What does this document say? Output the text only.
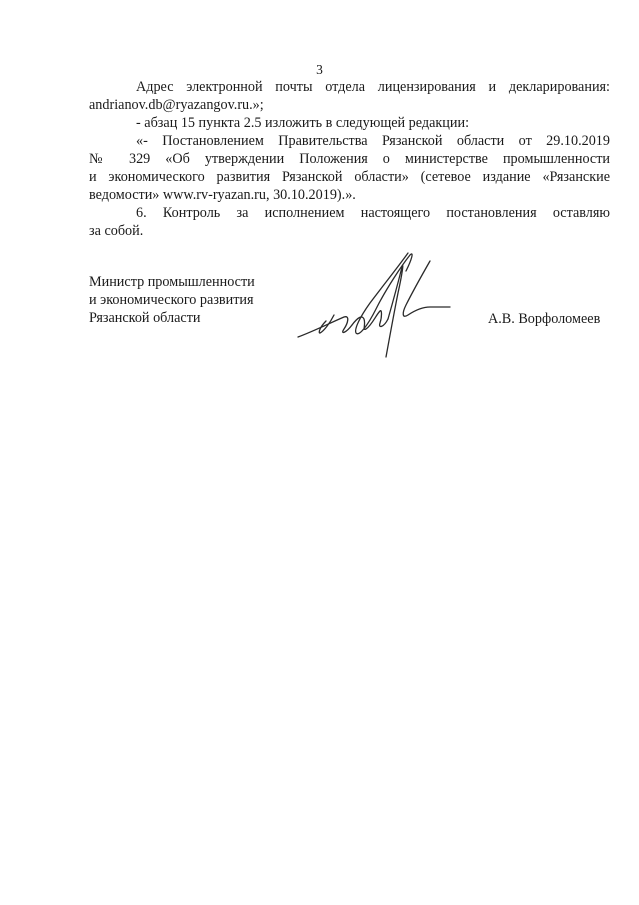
3
Адрес электронной почты отдела лицензирования и декларирования:
andrianov.db@ryazangov.ru.»;
- абзац 15 пункта 2.5 изложить в следующей редакции:
«- Постановлением Правительства Рязанской области от 29.10.2019
№ 329 «Об утверждении Положения о министерстве промышленности
и экономического развития Рязанской области» (сетевое издание «Рязанские
ведомости» www.rv-ryazan.ru, 30.10.2019).».
6. Контроль за исполнением настоящего постановления оставляю
за собой.
Министр промышленности
и экономического развития
Рязанской области	А.В. Ворфоломеев
